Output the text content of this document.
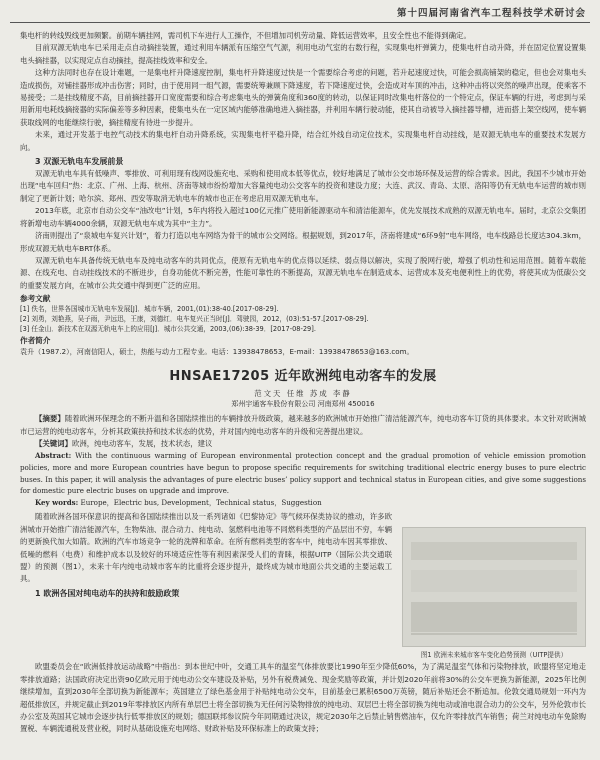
第十四届河南省汽车工程科技学术研讨会

集电杆的转线毁线更加频繁。前期车辆挂网，需司机下车进行人工操作，不但增加司机劳动量、降低运营效率，且安全性也不能得到确定。

目前双源无轨电车已采用走点自动摘挂装置，通过利用车辆派有压缩空气气源，利用电动气室的右数行程，实现集电杆弹簧力，使集电杆自动升降，并在固定位置设置集电头摘挂器，以实现定点自动摘挂，提高挂线效率和安全。

这种方法同时也存在设计难题，一是集电杆升降速度控制，集电杆升降速度过快是一个需要综合考虑的问题，若升起速度过快，可能会损高铺架的稳定，但也会对集电头造成损伤，对铺挂器形成冲击伤害；同时，由于使用同一组气源，需要统筹兼顾下降速度，若下降速度过快，会造成对车顶的冲击，这种冲击将以突然的噪声出现，使乘客不易接受；二是挂线精度不高，目前摘挂器开口宽度需要和综合考虑集电头的弹簧角度和360度的转动，以保证同时改集电杆落位的一个特定点，保证车辆的行进，考虑到与采用新用电耗线摘接器的实际偏差等多种因素，使集电头在一定区域内能够准确地进入摘挂器，并利用车辆行驶动能，使其自动被导入摘挂器导槽，进而搭上架空线网，使车辆获取线网的电能继续行驶，摘挂精度有待进一步提升。

未来，通过开发基于电控气动技术的集电杆自动升降系统，实现集电杆平稳升降，结合红外线自动定位技术，实现集电杆自动挂线，是双源无轨电车的重要技术发展方向。

3 双源无轨电车发展前景

双源无轨电车具有低噪声、零排放、可利用现有线网设施充电、采购和使用成本低等优点，较好地满足了城市公交市场环保及运营的综合需求。因此，我国不少城市开始出现“电车回归”热：北京、广州、上海、杭州、济南等城市纷纷增加大容量纯电动公交客车的投资和建设力度；大连、武汉、青岛、太原、洛阳等仍有无轨电车运营的城市则制定了更新计划；哈尔滨、郑州、西安等取消无轨电车的城市也正在考虑启用双源无轨电车。

2013年底，北京市自动公交车“油改电”计划，5年内将投入超过100亿元推广使用新能源驱动车和清洁能源车，优先发展技术成熟的双源无轨电车。届时，北京公交集团将新增电动车辆4000余辆，双源无轨电车成为其中“主力”。

济南则提出了“泉城电车复兴计划”，着力打造以电车网络为骨干的城市公交网络。根据规划，到2017年，济南将建成“6环9射”电车网络，电车线路总长度达304.3km，形成双源无轨电车BRT体系。

双源无轨电车具备传统无轨电车及纯电动客车的共同优点，使原有无轨电车的优点得以延续、弱点得以解决，实现了脱网行驶，增强了机动性和运用范围。随着车载能源、在线充电、自动挂线技术的不断进步，自身功能优不断完善，性能可靠性的不断提高，双源无轨电车在制造成本、运营成本及充电便利性上的优势，将使其成为低碳公交的重要发展方向，在城市公共交通中得到更广泛的应用。

参考文献
[1] 佚名，世界各国城市无轨电车发展[J]．城市车辆，2001,(01):38-40.[2017-08-29].
[2] 刘勇，刘艳燕，吴子雨，尹远迅，王康，刘德红．电车复兴正当时[J]．驾驶园，2012，(03):51-57.[2017-08-29].
[3] 任金山．新技术在双源无轨电车上的应用[J]．城市公共交通，2003,(06):38-39．[2017-08-29].
作者简介
袁升（1987.2），河南信阳人，硕士，热能与动力工程专业。电话：13938478653，E-mail：13938478653@163.com。
HNSAE17205 近年欧洲纯电动客车的发展
范文天 任维 苏成 李静
郑州宇通客车股份有限公司 河南郑州 450016

【摘要】随着欧洲环保理念的不断升温和各国陆续推出的车辆排放升级政策，越来越多的欧洲城市开始推广清洁能源汽车，纯电动客车订货的具体要求。本文针对欧洲城市已运营的纯电动客车，分析其政策扶持和技术状态的优势，并对国内纯电动客车的升级和完善提出建议。

【关键词】欧洲，纯电动客车，发展，技术状态，建议

Abstract: With the continuous warming of European environmental protection concept and the gradual promotion of vehicle emission promotion policies, more and more European countries have begun to propose specific requirements for switching traditional electric energy buses to pure electric buses. In this paper, it will analysis the advantages of pure electric buses’ policy support and technical status in European cities, and give some suggestions for domestic pure electric buses on upgrade and improve.

Key words: Europe，Electric bus, Development，Technical status，Suggestion

随着欧洲各国环保意识的提高和各国陆续推出以及一系列诸如《巴黎协定》等气候环保类协议的推动，许多欧洲城市开始推广清洁能源汽车，生物柴油、混合动力、纯电动、氢燃料电池等不同燃料类型的产品层出不穷，车辆的更新换代加大如箭。欧洲的汽车市场竞争一轮的洗牌和革命。在所有燃料类型的客车中，纯电动车因其零排放、低噪的燃料（电费）和维护成本以及较好的环境适应性等有利因素深受人们的青睐，根据UITP（国际公共交通联盟）的预测（图1），未来十年内纯电动城市客车的比重将会逐步提升，最终成为城市地面公共交通的主要运载工具。

1 欧洲各国对纯电动车的扶持和鼓励政策
图1 欧洲未来城市客车变化趋势预测（UITP提供）

欧盟委员会在“欧洲低排放运动战略”中指出：到本世纪中叶，交通工具车的温室气体排放要比1990年至少降低60%，为了满足温室气体和污染物排放，欧盟将坚定地走零排放道路；法国政府决定出资90亿欧元用于纯电动公交车建设及补贴，另外有税费减免、现金奖励等政策，并计划2020年前将30%的公交车更换为新能源，2025年比例继续增加，直到2030年全部切换为新能源车；英国建立了绿色基金用于补贴纯电动公交车，目前基金已累积6500万英镑，随后补贴还会不断追加。伦敦交通局规划一环内为超低排放区，并规定截止到2019年零排放区内所有单层巴士将全部切换为无任何污染物排放的纯电动、双层巴士将全部切换为纯电动或油电混合动力的公交车，另外伦敦市长办公室及英国其它城市会逐步执行低零排放区的规划；德国联邦参议院今年同期通过决议，规定2030年之后禁止销售燃油车，仅允许零排放汽车销售；荷兰对纯电动车免除购置税、车辆流通税及营业税，同时从基础设施充电网络、财政补贴及环保标准上的政策支持；
